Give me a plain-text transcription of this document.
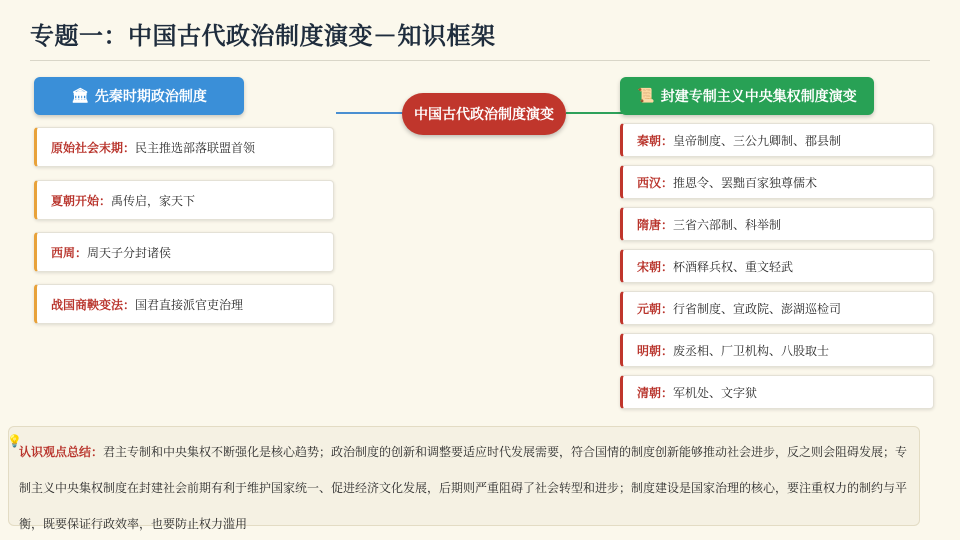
专题一：中国古代政治制度演变－知识框架
中国古代政治制度演变
🏛 先秦时期政治制度	📜 封建专制主义中央集权制度演变
原始社会末期： 民主推选部落联盟首领
夏朝开始： 禹传启，家天下
西周： 周天子分封诸侯
战国商鞅变法： 国君直接派官吏治理
秦朝： 皇帝制度、三公九卿制、郡县制
西汉： 推恩令、罢黜百家独尊儒术
隋唐： 三省六部制、科举制
宋朝： 杯酒释兵权、重文轻武
元朝： 行省制度、宣政院、澎湖巡检司
明朝： 废丞相、厂卫机构、八股取士
清朝： 军机处、文字狱
💡
认识观点总结：君主专制和中央集权不断强化是核心趋势；政治制度的创新和调整要适应时代发展需要，符合国情的制度创新能够推动社会进步，反之则会阻碍发展；专制主义中央集权制度在封建社会前期有利于维护国家统一、促进经济文化发展，后期则严重阻碍了社会转型和进步；制度建设是国家治理的核心，要注重权力的制约与平衡，既要保证行政效率，也要防止权力滥用
